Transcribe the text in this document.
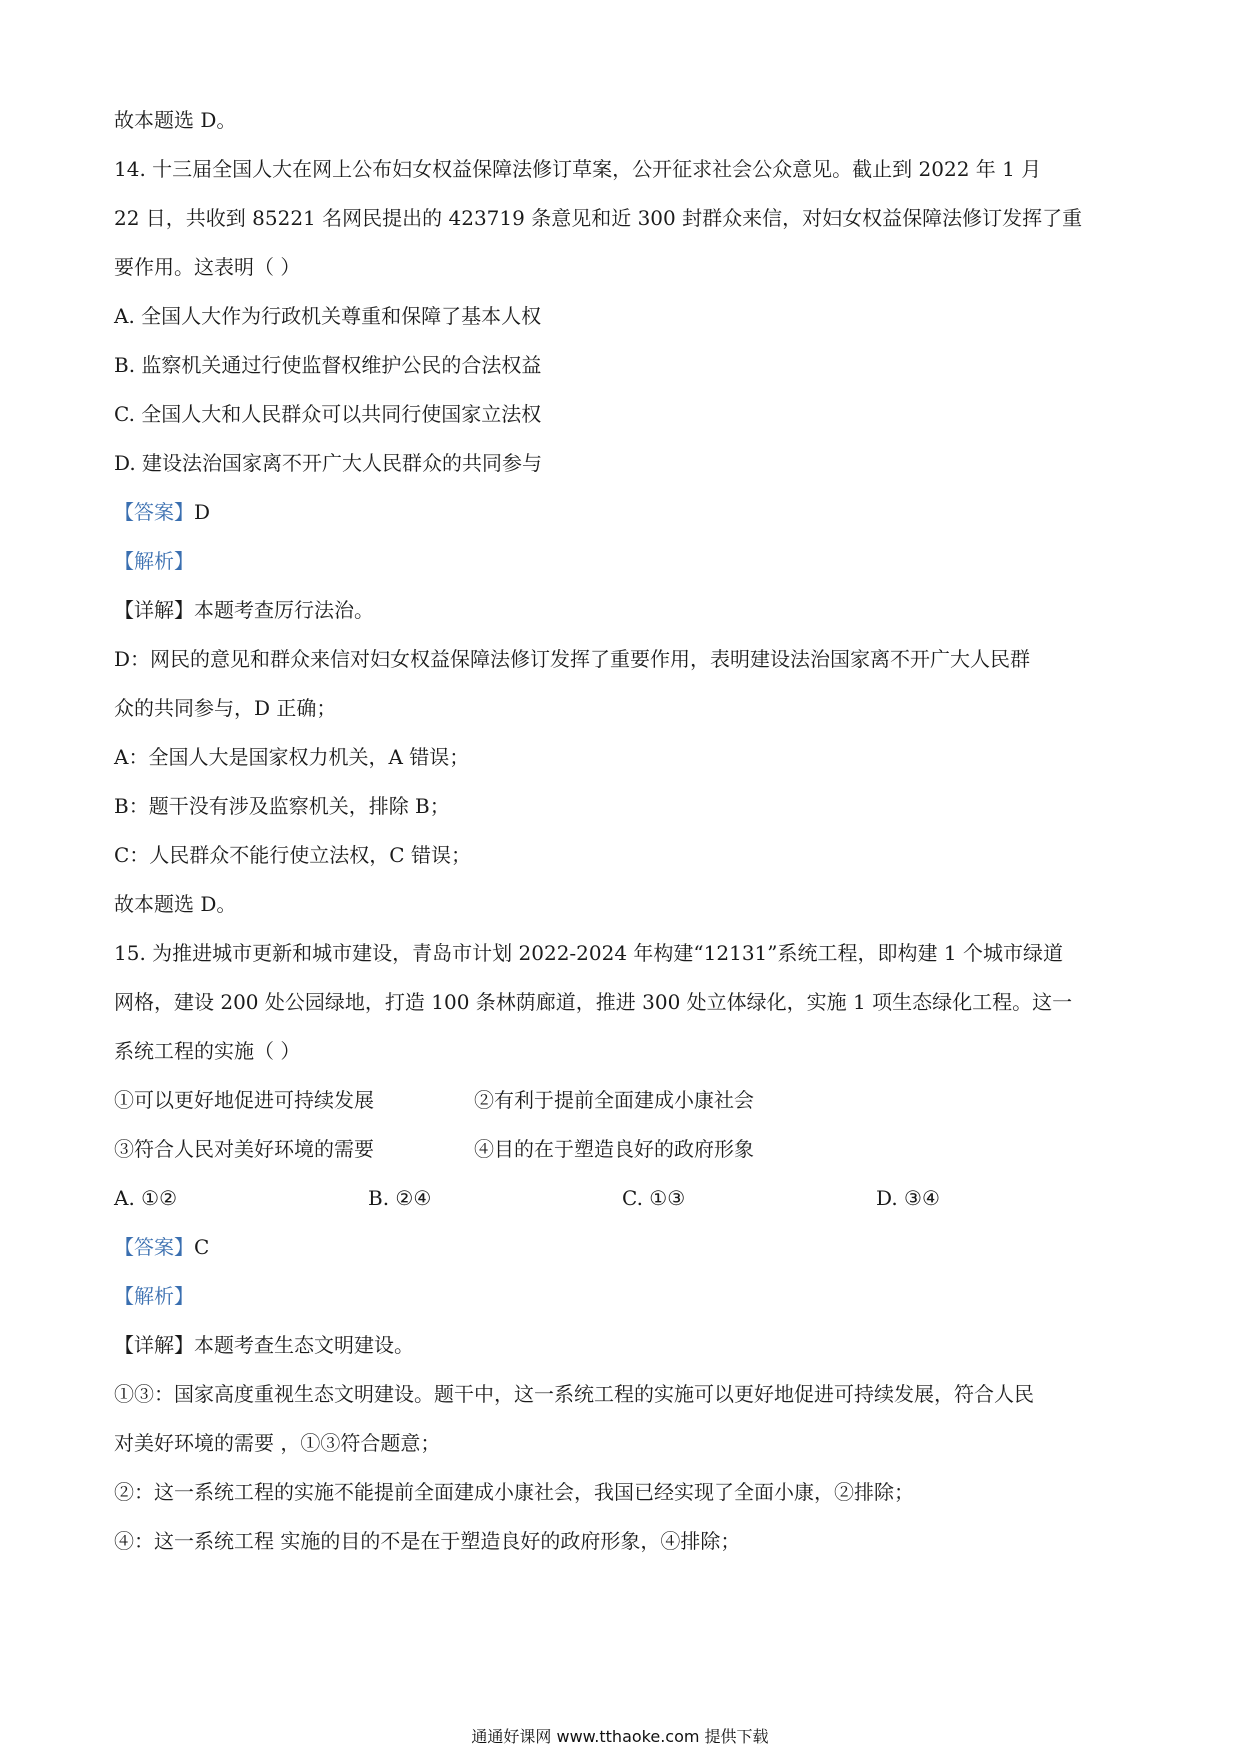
故本题选 D。
14. 十三届全国人大在网上公布妇女权益保障法修订草案，公开征求社会公众意见。截止到 2022 年 1 月
22 日，共收到 85221 名网民提出的 423719 条意见和近 300 封群众来信，对妇女权益保障法修订发挥了重
要作用。这表明（ ）
A. 全国人大作为行政机关尊重和保障了基本人权
B. 监察机关通过行使监督权维护公民的合法权益
C. 全国人大和人民群众可以共同行使国家立法权
D. 建设法治国家离不开广大人民群众的共同参与
【答案】D
【解析】
【详解】本题考查厉行法治。
D：网民的意见和群众来信对妇女权益保障法修订发挥了重要作用，表明建设法治国家离不开广大人民群
众的共同参与，D 正确；
A：全国人大是国家权力机关，A 错误；
B：题干没有涉及监察机关，排除 B；
C：人民群众不能行使立法权，C 错误；
故本题选 D。
15. 为推进城市更新和城市建设，青岛市计划 2022-2024 年构建“12131”系统工程，即构建 1 个城市绿道
网格，建设 200 处公园绿地，打造 100 条林荫廊道，推进 300 处立体绿化，实施 1 项生态绿化工程。这一
系统工程的实施（ ）
①可以更好地促进可持续发展	②有利于提前全面建成小康社会
③符合人民对美好环境的需要	④目的在于塑造良好的政府形象
A. ①②	B. ②④	C. ①③	D. ③④
【答案】C
【解析】
【详解】本题考查生态文明建设。
①③：国家高度重视生态文明建设。题干中，这一系统工程的实施可以更好地促进可持续发展，符合人民
对美好环境的需要 ，①③符合题意；
②：这一系统工程的实施不能提前全面建成小康社会，我国已经实现了全面小康，②排除；
④：这一系统工程 实施的目的不是在于塑造良好的政府形象，④排除；
通通好课网 www.tthaoke.com 提供下载
